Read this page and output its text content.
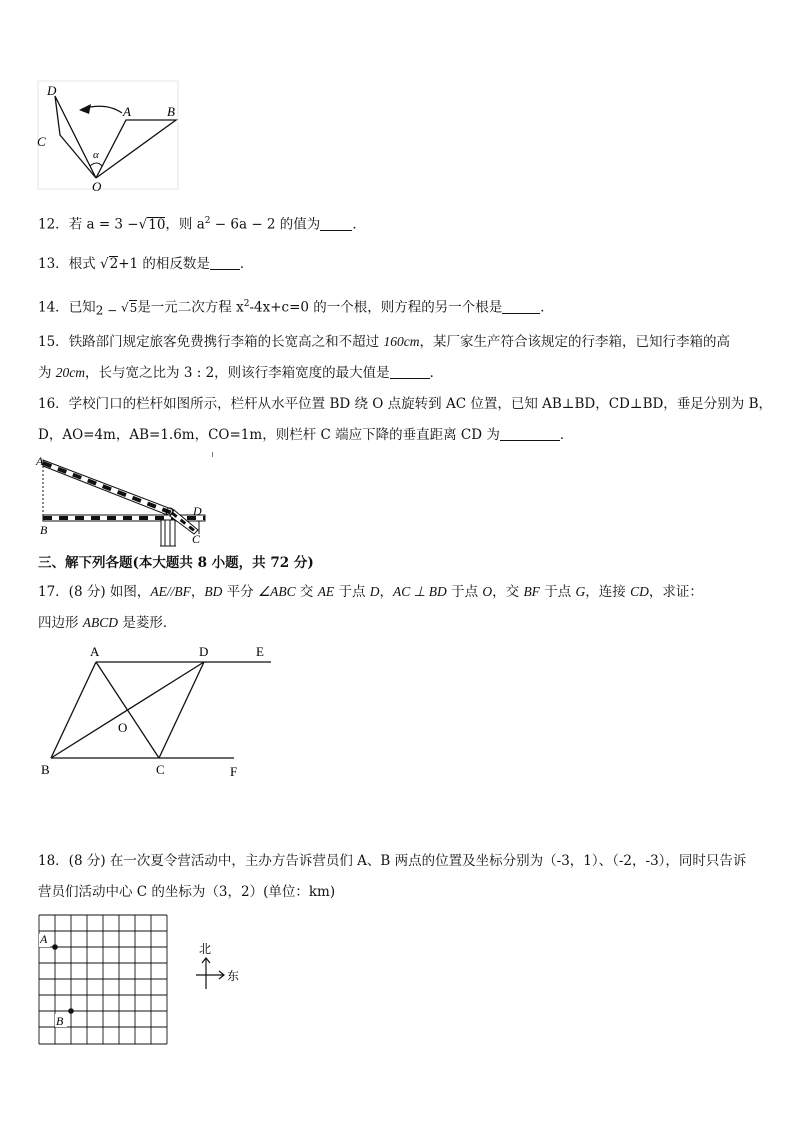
D
A	B
C
O
α
12．若 a = 3 −√10，则 $a^2 - 6a - 2$ 的值为 ．
13．根式 √2+1 的相反数是 ．
14．已知2 − √5是一元二次方程 $x^2-4x+c=0$ 的一个根，则方程的另一个根是	．
15．铁路部门规定旅客免费携行李箱的长宽高之和不超过 160cm，某厂家生产符合该规定的行李箱，已知行李箱的高
为 20cm，长与宽之比为 3 : 2，则该行李箱宽度的最大值是	．
16．学校门口的栏杆如图所示，栏杆从水平位置 BD 绕 O 点旋转到 AC 位置，已知 AB⊥BD，CD⊥BD，垂足分别为 B，
D，AO=4m，AB=1.6m，CO=1m，则栏杆 C 端应下降的垂直距离 CD 为	．
A
B
O D
C
三、解下列各题(本大题共 8 小题，共 72 分)
17．(8 分) 如图，AE//BF，BD 平分 ∠ABC 交 AE 于点 D，AC ⊥ BD 于点 O，交 BF 于点 G，连接 CD，求证：
四边形 ABCD 是菱形．
A	D	E
O
B	C	F
18．(8 分) 在一次夏令营活动中，主办方告诉营员们 A、B 两点的位置及坐标分别为（-3，1）、（-2，-3），同时只告诉
营员们活动中心 C 的坐标为（3，2）(单位：km)
A
B
北
东
